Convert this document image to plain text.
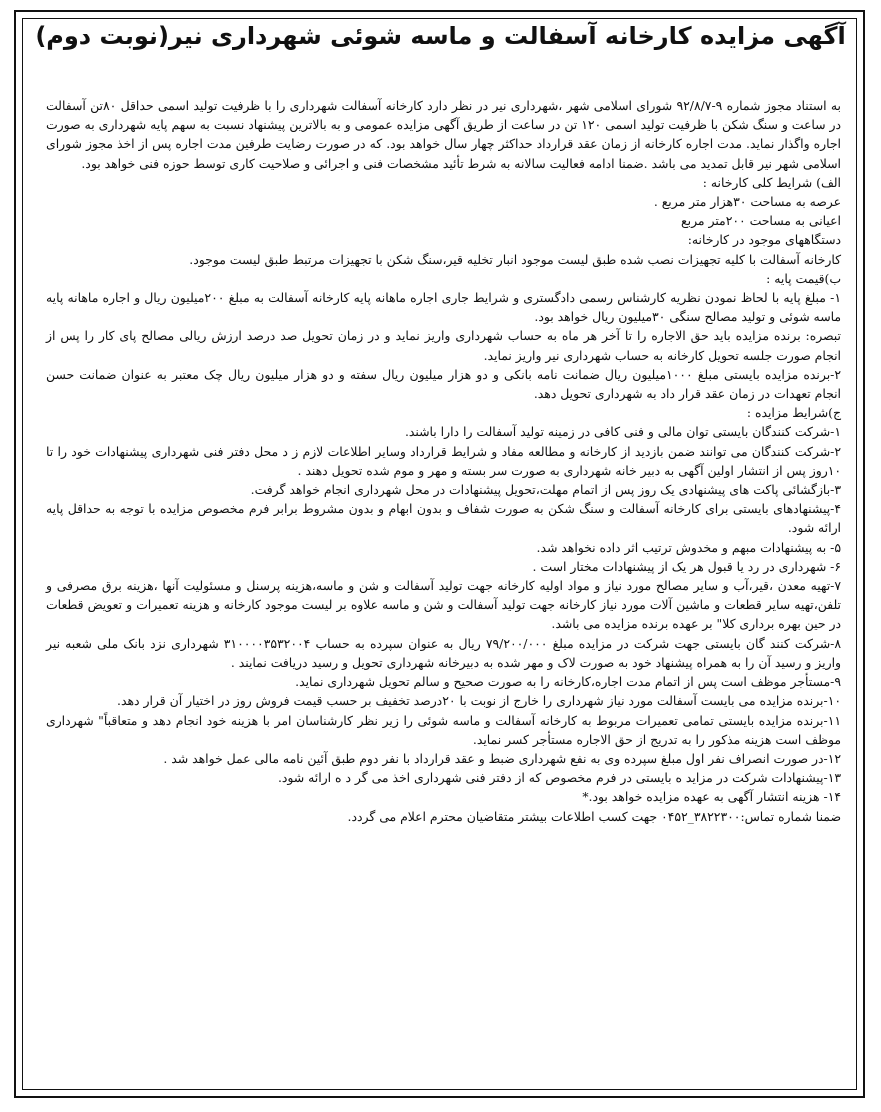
آگهی مزایده کارخانه آسفالت و ماسه شوئی شهرداری نیر(نوبت دوم)

به استناد مجوز شماره ۹-۹۲/۸/۷ شورای اسلامی شهر ،شهرداری نیر در نظر دارد کارخانه آسفالت شهرداری را با ظرفیت تولید اسمی حداقل ۸۰تن آسفالت در ساعت و سنگ شکن با ظرفیت تولید اسمی ۱۲۰ تن در ساعت از طریق آگهی مزایده عمومی و به بالاترین پیشنهاد نسبت به سهم پایه شهرداری به صورت اجاره واگذار نماید. مدت اجاره کارخانه از زمان عقد قرارداد حداکثر چهار سال خواهد بود. که در صورت رضایت طرفین مدت اجاره پس از اخذ مجوز شورای اسلامی شهر نیر قابل تمدید می باشد .ضمنا ادامه فعالیت سالانه به شرط تأئید مشخصات فنی و اجرائی و صلاحیت کاری توسط حوزه فنی خواهد بود.

الف) شرایط کلی کارخانه :

عرصه به مساحت ۳۰هزار متر مربع .

اعیانی به مساحت ۲۰۰متر مربع

دستگاههای موجود در کارخانه:

کارخانه آسفالت با کلیه تجهیزات نصب شده طبق لیست موجود انبار تخلیه قیر،سنگ شکن با تجهیزات مرتبط طبق لیست موجود.

ب)قیمت پایه :

۱- مبلغ پایه با لحاظ نمودن نظریه کارشناس رسمی دادگستری و شرایط جاری اجاره ماهانه پایه کارخانه آسفالت به مبلغ ۲۰۰میلیون ریال و اجاره ماهانه پایه ماسه شوئی و تولید مصالح سنگی ۳۰میلیون ریال خواهد بود.

تبصره: برنده مزایده باید حق الاجاره را تا آخر هر ماه به حساب شهرداری واریز نماید و در زمان تحویل صد درصد ارزش ریالی مصالح پای کار را پس از انجام صورت جلسه تحویل کارخانه به حساب شهرداری نیر واریز نماید.

۲-برنده مزایده بایستی مبلغ ۱۰۰۰میلیون ریال ضمانت نامه بانکی و دو هزار میلیون ریال سفته و دو هزار میلیون ریال چک معتبر به عنوان ضمانت حسن انجام تعهدات در زمان عقد قرار داد به شهرداری تحویل دهد.

ج)شرایط مزایده :

۱-شرکت کنندگان بایستی توان مالی و فنی کافی در زمینه تولید آسفالت را دارا باشند.

۲-شرکت کنندگان می توانند ضمن بازدید از کارخانه و مطالعه مفاد و شرایط قرارداد وسایر اطلاعات لازم ز د محل دفتر فنی شهرداری پیشنهادات خود را تا ۱۰روز پس از انتشار اولین آگهی به دبیر خانه شهرداری به صورت سر بسته و مهر و موم شده تحویل دهند .

۳-بازگشائی پاکت های پیشنهادی یک روز پس از اتمام مهلت،تحویل پیشنهادات در محل شهرداری انجام خواهد گرفت.

۴-پیشنهادهای بایستی برای کارخانه آسفالت و سنگ شکن به صورت شفاف و بدون ابهام و بدون مشروط برابر فرم مخصوص مزایده با توجه به حداقل پایه ارائه شود.

۵- به پیشنهادات مبهم و مخدوش ترتیب اثر داده نخواهد شد.

۶- شهرداری در رد یا قبول هر یک از پیشنهادات مختار است .

۷-تهیه معدن ،قیر،آب و سایر مصالح مورد نیاز و مواد اولیه کارخانه جهت تولید آسفالت و شن و ماسه،هزینه پرسنل و مسئولیت آنها ،هزینه برق مصرفی و تلفن،تهیه سایر قطعات و ماشین آلات مورد نیاز کارخانه جهت تولید آسفالت و شن و ماسه علاوه بر لیست موجود کارخانه و هزینه تعمیرات و تعویض قطعات در حین بهره برداری کلا" بر عهده برنده مزایده می باشد.

۸-شرکت کنند گان بایستی جهت شرکت در مزایده مبلغ ۷۹/۲۰۰/۰۰۰ ریال به عنوان سپرده به حساب ۳۱۰۰۰۰۳۵۳۲۰۰۴ شهرداری نزد بانک ملی شعبه نیر واریز و رسید آن را به همراه پیشنهاد خود به صورت لاک و مهر شده به دبیرخانه شهرداری تحویل و رسید دریافت نمایند .

۹-مستأجر موظف است پس از اتمام مدت اجاره،کارخانه را به صورت صحیح و سالم تحویل شهرداری نماید.

۱۰-برنده مزایده می بایست آسفالت مورد نیاز شهرداری را خارج از نوبت با ۲۰درصد تخفیف بر حسب قیمت فروش روز در اختیار آن قرار دهد.

۱۱-برنده مزایده بایستی تمامی تعمیرات مربوط به کارخانه آسفالت و ماسه شوئی را زیر نظر کارشناسان امر با هزینه خود انجام دهد و متعاقباً" شهرداری موظف است هزینه مذکور را به تدریج از حق الاجاره مستأجر کسر نماید.

۱۲-در صورت انصراف نفر اول مبلغ سپرده وی به نفع شهرداری ضبط و عقد قرارداد با نفر دوم طبق آئین نامه مالی عمل خواهد شد .

۱۳-پیشنهادات شرکت در مزاید ه بایستی در فرم مخصوص که از دفتر فنی شهرداری اخذ می گر د ه ارائه شود.

۱۴- هزینه انتشار آگهی به عهده مزایده خواهد بود.*

ضمنا شماره تماس:۳۸۲۲۳۰۰_۰۴۵۲ جهت کسب اطلاعات بیشتر متقاضیان محترم اعلام می گردد.
